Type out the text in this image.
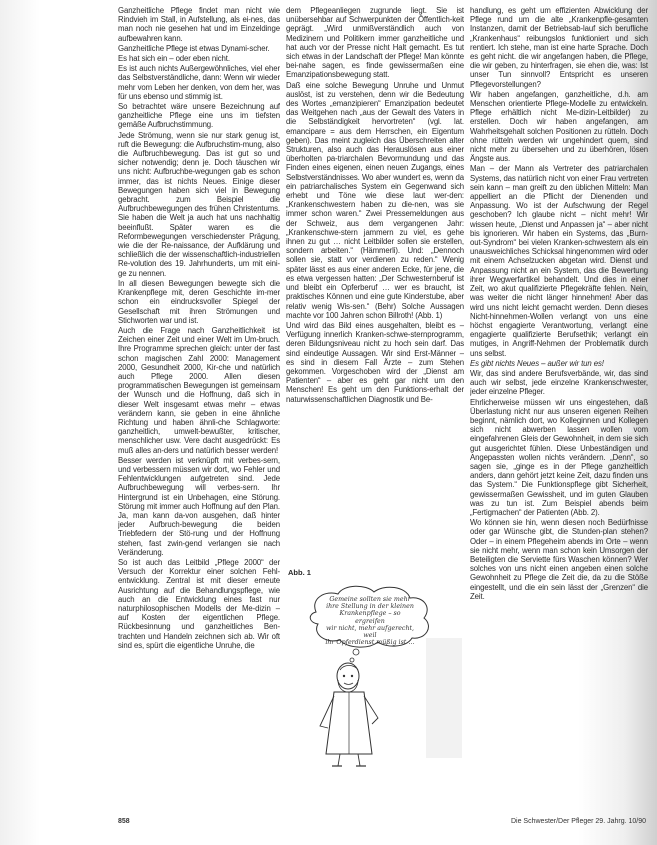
Ganzheitliche Pflege findet man nicht wie Rindvieh im Stall, in Aufstellung, als ei-nes, das man noch nie gesehen hat und im Einzeldinge aufbewahren kann.

Ganzheitliche Pflege ist etwas Dynami-scher.

Es hat sich ein – oder eben nicht.

Es ist auch nichts Außergewöhnliches, viel eher das Selbstverständliche, dann: Wenn wir wieder mehr vom Leben her denken, von dem her, was für uns ebenso und stimmig ist.

So betrachtet wäre unsere Bezeichnung auf ganzheitliche Pflege eine uns im tiefsten gemäße Aufbruchstimmung.

Jede Strömung, wenn sie nur stark genug ist, ruft die Bewegung: die Aufbruchstim-mung, also die Aufbruchbewegung. Das ist gut so und sicher notwendig; denn je. Doch täuschen wir uns nicht: Aufbruchbe-wegungen gab es schon immer, das ist nichts Neues. Einige dieser Bewegungen haben sich viel in Bewegung gebracht. zum Beispiel die Aufbruchbewegungen des frühen Christentums. Sie haben die Welt ja auch hat uns nachhaltig beeinflußt. Später waren es die Reformbewegungen verschiedenster Prägung, wie die der Re-naissance, der Aufklärung und schließlich die der wissenschaftlich-industriellen Re-volution des 19. Jahrhunderts, um mit eini-ge zu nennen.

In all diesen Bewegungen bewegte sich die Krankenpflege mit, deren Geschichte im-mer schon ein eindrucksvoller Spiegel der Gesellschaft mit ihren Strömungen und Stichworten war und ist.

Auch die Frage nach Ganzheitlichkeit ist Zeichen einer Zeit und einer Welt im Um-bruch. Ihre Programme sprechen gleich: unter der fast schon magischen Zahl 2000: Management 2000, Gesundheit 2000, Kir-che und natürlich auch Pflege 2000. Allen diesen programmatischen Bewegungen ist gemeinsam der Wunsch und die Hoffnung, daß sich in dieser Welt insgesamt etwas mehr – etwas verändern kann, sie geben in eine ähnliche Richtung und haben ähnli-che Schlagworte: ganzheitlich, umwelt-bewußter, kritischer, menschlicher usw. Vere dacht ausgedrückt: Es muß alles an-ders und natürlich besser werden!

Besser werden ist verknüpft mit verbes-sern, und verbessern müssen wir dort, wo Fehler und Fehlentwicklungen aufgetreten sind. Jede Aufbruchbewegung will verbes-sern. Ihr Hintergrund ist ein Unbehagen, eine Störung. Störung mit immer auch Hoffnung auf den Plan. Ja, man kann da-von ausgehen, daß hinter jeder Aufbruch-bewegung die beiden Triebfedern der Stö-rung und der Hoffnung stehen, fast zwin-gend verlangen sie nach Veränderung.

So ist auch das Leitbild „Pflege 2000“ der Versuch der Korrektur einer solchen Fehl-entwicklung. Zentral ist mit dieser erneute Ausrichtung auf die Behandlungspflege, wie auch an die Entwicklung eines fast nur naturphilosophischen Modells der Me-dizin – auf Kosten der eigentlichen Pflege. Rückbesinnung und ganzheitliches Ben-trachten und Handeln zeichnen sich ab. Wir oft sind es, spürt die eigentliche Unruhe, die

dem Pflegeanliegen zugrunde liegt. Sie ist unübersehbar auf Schwerpunkten der Öffentlich-keit geprägt. „Wird unmißverständlich auch von Medizinern und Politikern immer ganzheitliche und hat auch vor der Presse nicht Halt gemacht. Es tut sich etwas in der Landschaft der Pflege! Man könnte bei-nahe sagen, es finde gewissermaßen eine Emanzipationsbewegung statt.

Daß eine solche Bewegung Unruhe und Unmut auslöst, ist zu verstehen, denn wir die Bedeutung des Wortes „emanzipieren“ Emanzipation bedeutet das Weitgehen nach „aus der Gewalt des Vaters in die Selbständigkeit hervortreten“ (vgl. lat. emancipare = aus dem Herrschen, ein Eigentum geben). Das meint zugleich das Überschreiten alter Strukturen, also auch das Herauslösen aus einer überholten pa-triarchalen Bevormundung und das Finden eines eigenen, einen neuen Zugangs, eines Selbstverständnisses. Wo aber wundert es, wenn da ein patriarchalisches System ein Gegenwand sich erhebt und Töne wie diese laut wer-den: „Krankenschwestern haben zu die-nen, was sie immer schon waren.“ Zwei Pressemeldungen aus der Schweiz, aus dem vergangenen Jahr: „Krankenschwe-stern jammern zu viel, es gehe ihnen zu gut … nicht Leitbilder sollen sie erstellen, sondern arbeiten.“ (Hämmerli). Und: „Dennoch sollen sie, statt vor verdienen zu reden.“ Wenig später lässt es aus einer anderen Ecke, für jene, die es etwa vergessen hatten: „Der Schwesternberuf ist und bleibt ein Opferberuf … wer es braucht, ist praktisches Können und eine gute Kinderstube, aber relativ wenig Wis-sen.“ (Behr) Solche Aussagen machte vor 100 Jahren schon Billroth! (Abb. 1)

Und wird das Bild eines ausgehalten, bleibt es – Verfügung innerlich Kranken-schwe-sternprogramm, deren Bildungsniveau nicht zu hoch sein darf. Das sind eindeutige Aussagen. Wir sind Erst-Männer – es sind in diesem Fall Ärzte – zum Stehen gekommen. Vorgeschoben wird der „Dienst am Patienten“ – aber es geht gar nicht um den Menschen! Es geht um den Funktions-erhalt der naturwissenschaftlichen Diagnostik und Be-

handlung, es geht um effizienten Abwicklung der Pflege rund um die alte „Krankenpfle-gesamten Instanzen, damit der Betriebsab-lauf sich berufliche „Krankenhaus“ reibungslos funktioniert und sich rentiert. Ich stehe, man ist eine harte Sprache. Doch es geht nicht. die wir angefangen haben, die Pflege, die wir geben, zu hinterfragen, sie ehen die, was: Ist unser Tun sinnvoll? Entspricht es unseren Pflegevorstellungen?

Wir haben angefangen, ganzheitliche, d.h. am Menschen orientierte Pflege-Modelle zu entwickeln. Pflege erhältlich nicht Me-dizin-Leitbilder) zu erstellen. Doch wir haben angefangen, am Wahrheitsgehalt solchen Positionen zu rütteln. Doch ohne rütteln werden wir ungehindert quem, sind nicht mehr zu übersehen und zu überhören, lösen Ängste aus.

Man – der Mann als Vertreter des patriarchalen Systems, das natürlich nicht von einer Frau vertreten sein kann – man greift zu den üblichen Mitteln: Man appelliert an die Pflicht der Dienenden und Anpassung. Wo ist der Aufschwung der Regel geschoben? Ich glaube nicht – nicht mehr! Wir wissen heute, „Dienst und Anpassen ja“ – aber nicht bis ignorieren. Wir haben ein Systems, das „Burn-out-Syndrom“ bei vielen Kranken-schwestern als ein unausweichliches Schicksal hingenommen wird oder mit einem Achselzucken abgetan wird. Dienst und Anpassung nicht an ein System, das die Bewertung ihrer Wegwerfartikel behandelt. Und dies in einer Zeit, wo akut qualifizierte Pflegekräfte fehlen. Nein, was weiter die nicht länger hinnehmen! Aber das wird uns nicht leicht gemacht werden. Denn dieses Nicht-hinnehmen-Wollen verlangt von uns eine höchst engagierte Verantwortung, verlangt eine engagierte qualifizierte Berufsethik; verlangt ein mutiges, in Angriff-Nehmen der Problematik durch uns selbst.

Es gibt nichts Neues – außer wir tun es!

Wir, das sind andere Berufsverbände, wir, das sind auch wir selbst, jede einzelne Krankenschwester, jeder einzelne Pfleger.

Ehrlicherweise müssen wir uns eingestehen, daß Überlastung nicht nur aus unseren eigenen Reihen beginnt, nämlich dort, wo Kolleginnen und Kollegen sich nicht abwerben lassen wollen vom eingefahrenen Gleis der Gewohnheit, in dem sie sich gut ausgerichtet fühlen. Diese Unbeständigen und Angepassten wollen nichts verändern. „Denn“, so sagen sie, „ginge es in der Pflege ganzheitlich anders, dann gehört jetzt keine Zeit, dazu finden uns das System.“ Die Funktionspflege gibt Sicherheit, gewissermaßen Gewissheit, und im guten Glauben was zu tun ist. Zum Beispiel abends beim „Fertigmachen“ der Patienten (Abb. 2).

Wo können sie hin, wenn diesen noch Bedürfnisse oder gar Wünsche gibt, die Stunden-plan stehen? Oder – in einem Pflegeheim abends im Orte – wenn sie nicht mehr, wenn man schon kein Umsorgen der Beteiligten die Serviette fürs Waschen können? Wer solches von uns nicht einen angeben einen solche Gewohnheit zu Pflege die Zeit die, da zu die Stöße eingestellt, und die ein sein lässt der „Grenzen“ die Zeit.

Abb. 1
Gemeine sollten sie mehr
ihre Stellung in der kleinen
Krankenpflege – so ergreifen
wir nicht, mehr aufgerecht, weil
ihr Opferdienst müßig ist …
858	Die Schwester/Der Pfleger 29. Jahrg. 10/90
